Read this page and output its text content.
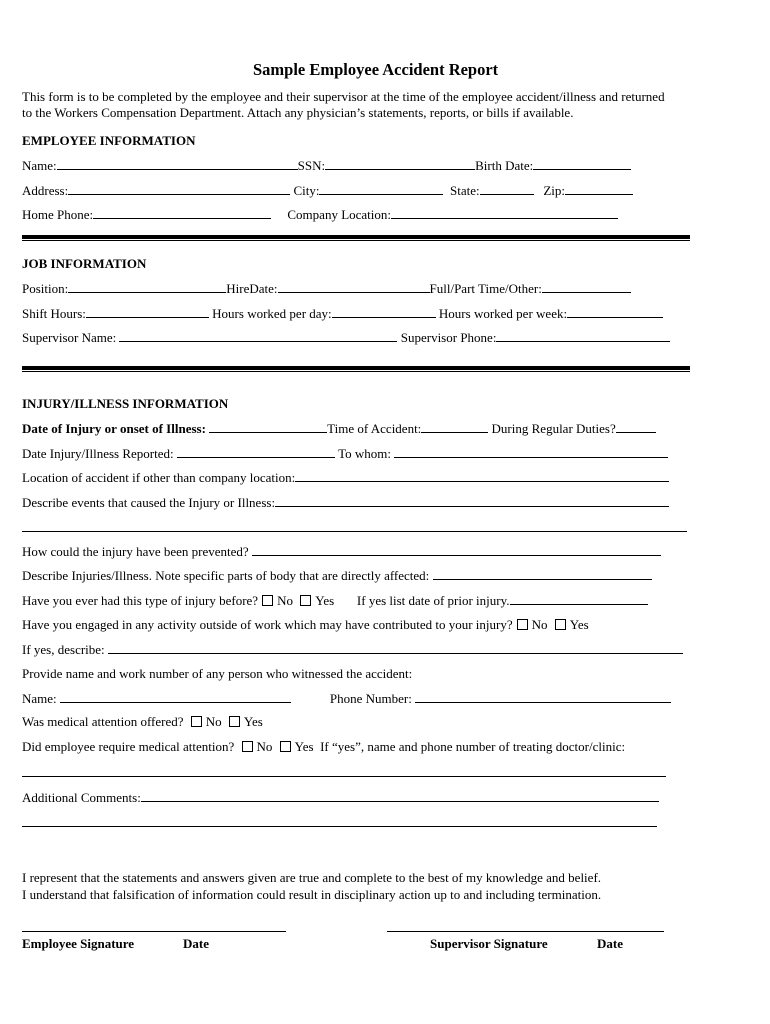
Sample Employee Accident Report
This form is to be completed by the employee and their supervisor at the time of the employee accident/illness and returned
to the Workers Compensation Department. Attach any physician’s statements, reports, or bills if available.
EMPLOYEE INFORMATION
Name:	SSN:	Birth Date:
Address:	City:	State:	Zip:
Home Phone:	Company Location:
JOB INFORMATION
Position:	HireDate:	Full/Part Time/Other:
Shift Hours:	Hours worked per day:	Hours worked per week:
Supervisor Name:	Supervisor Phone:
INJURY/ILLNESS INFORMATION
Date of Injury or onset of Illness:	Time of Accident:	During Regular Duties?
Date Injury/Illness Reported:	To whom:
Location of accident if other than company location:
Describe events that caused the Injury or Illness:
How could the injury have been prevented?
Describe Injuries/Illness. Note specific parts of body that are directly affected:
Have you ever had this type of injury before? No Yes If yes list date of prior injury.
Have you engaged in any activity outside of work which may have contributed to your injury? No Yes
If yes, describe:
Provide name and work number of any person who witnessed the accident:
Name:	Phone Number:
Was medical attention offered? No Yes
Did employee require medical attention? No Yes If “yes”, name and phone number of treating doctor/clinic:
Additional Comments:
I represent that the statements and answers given are true and complete to the best of my knowledge and belief.
I understand that falsification of information could result in disciplinary action up to and including termination.
Employee Signature	Date	Supervisor Signature	Date
